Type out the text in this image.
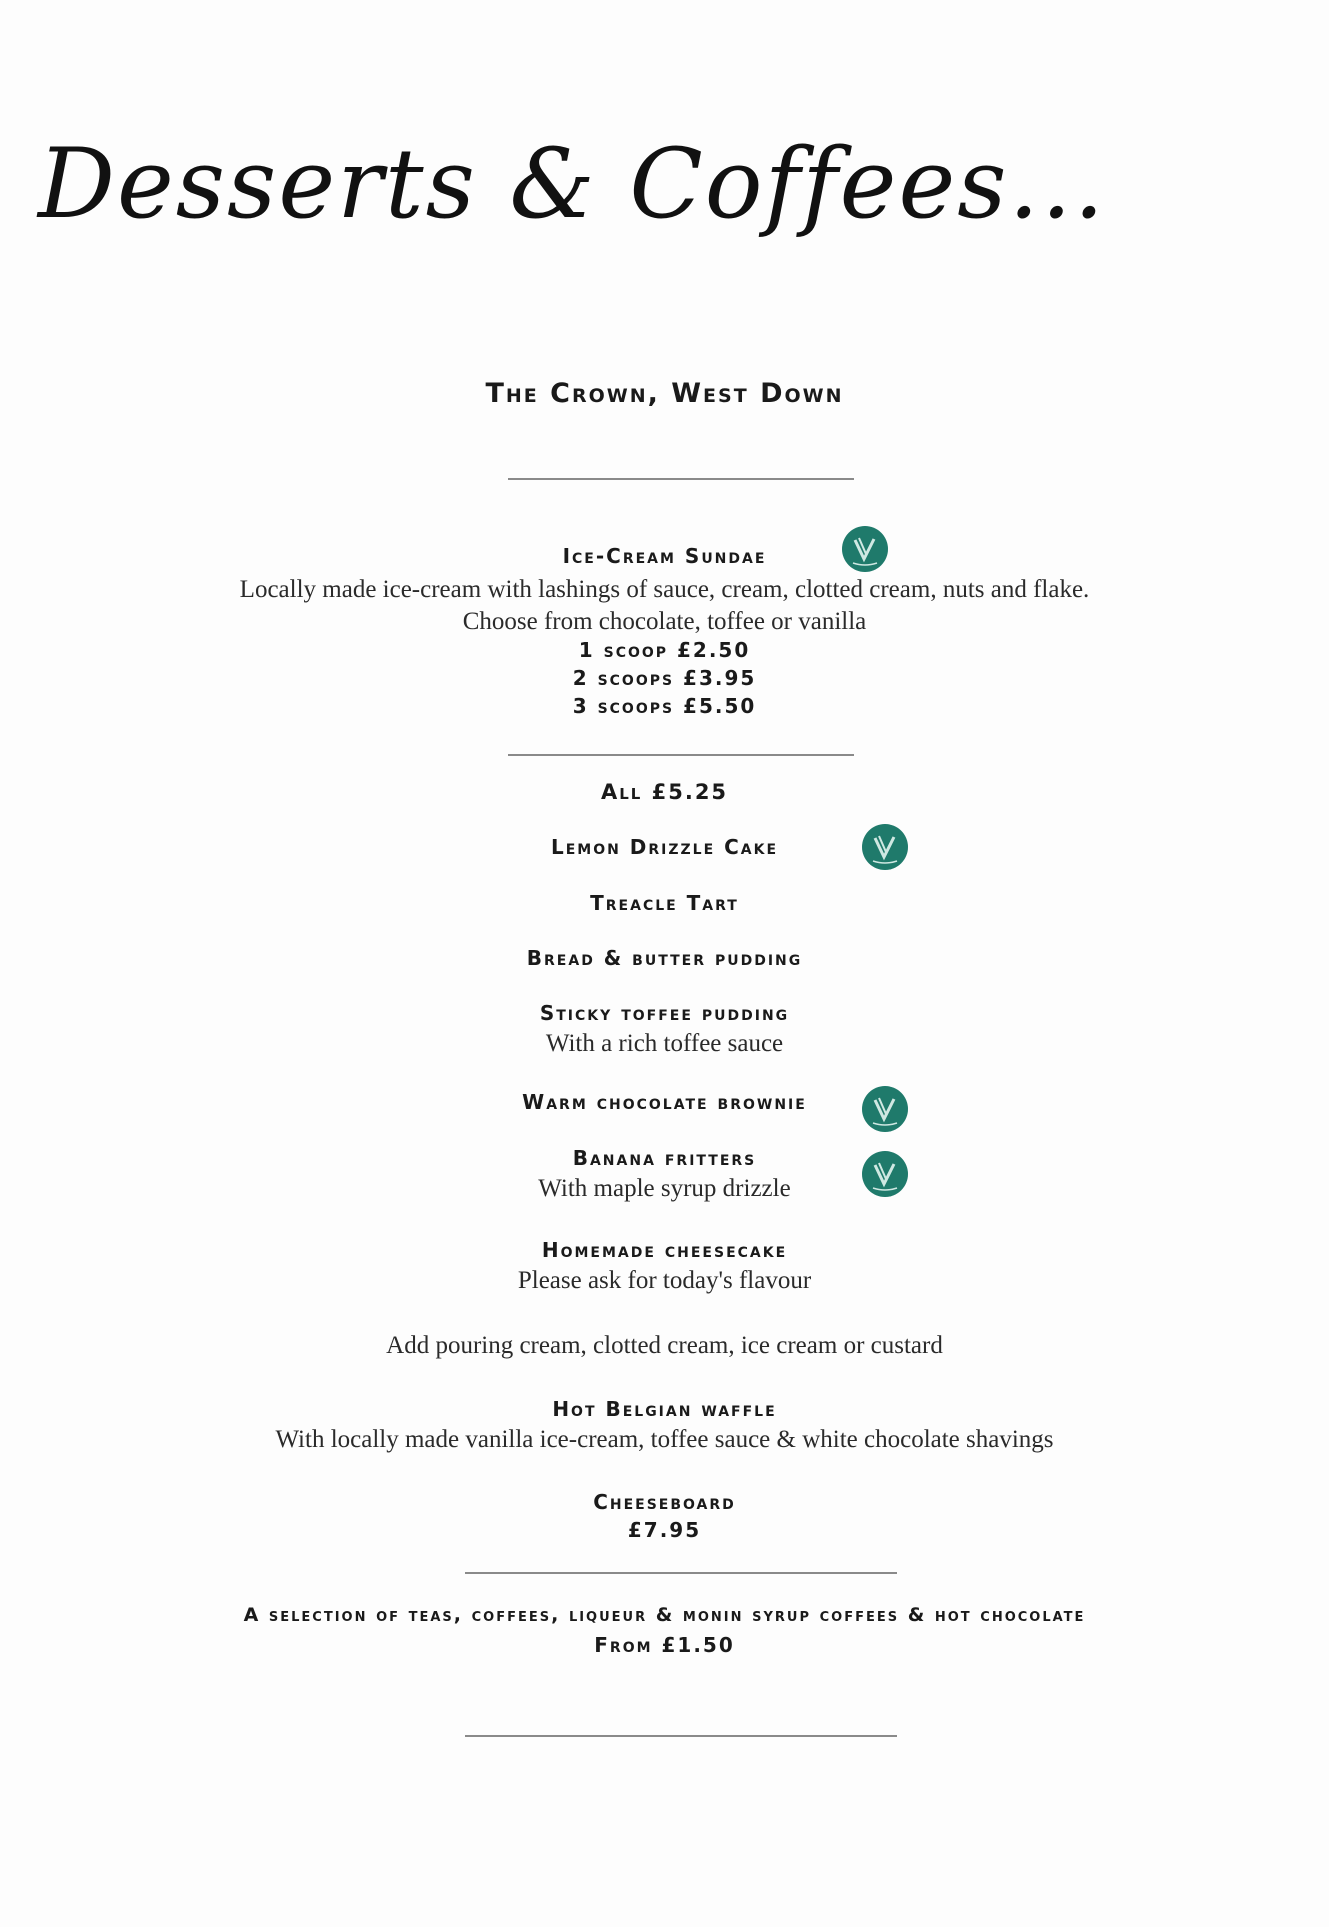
Desserts & Coffees...
The Crown, West Down
Ice-Cream Sundae
Locally made ice-cream with lashings of sauce, cream, clotted cream, nuts and flake.
Choose from chocolate, toffee or vanilla
1 scoop £2.50
2 scoops £3.95
3 scoops £5.50
All £5.25
Lemon Drizzle Cake
Treacle Tart
Bread & butter pudding
Sticky toffee pudding
With a rich toffee sauce
Warm chocolate brownie
Banana fritters
With maple syrup drizzle
Homemade cheesecake
Please ask for today's flavour
Add pouring cream, clotted cream, ice cream or custard
Hot Belgian waffle
With locally made vanilla ice-cream, toffee sauce & white chocolate shavings
Cheeseboard
£7.95
A selection of teas, coffees, liqueur & monin syrup coffees & hot chocolate
From £1.50
